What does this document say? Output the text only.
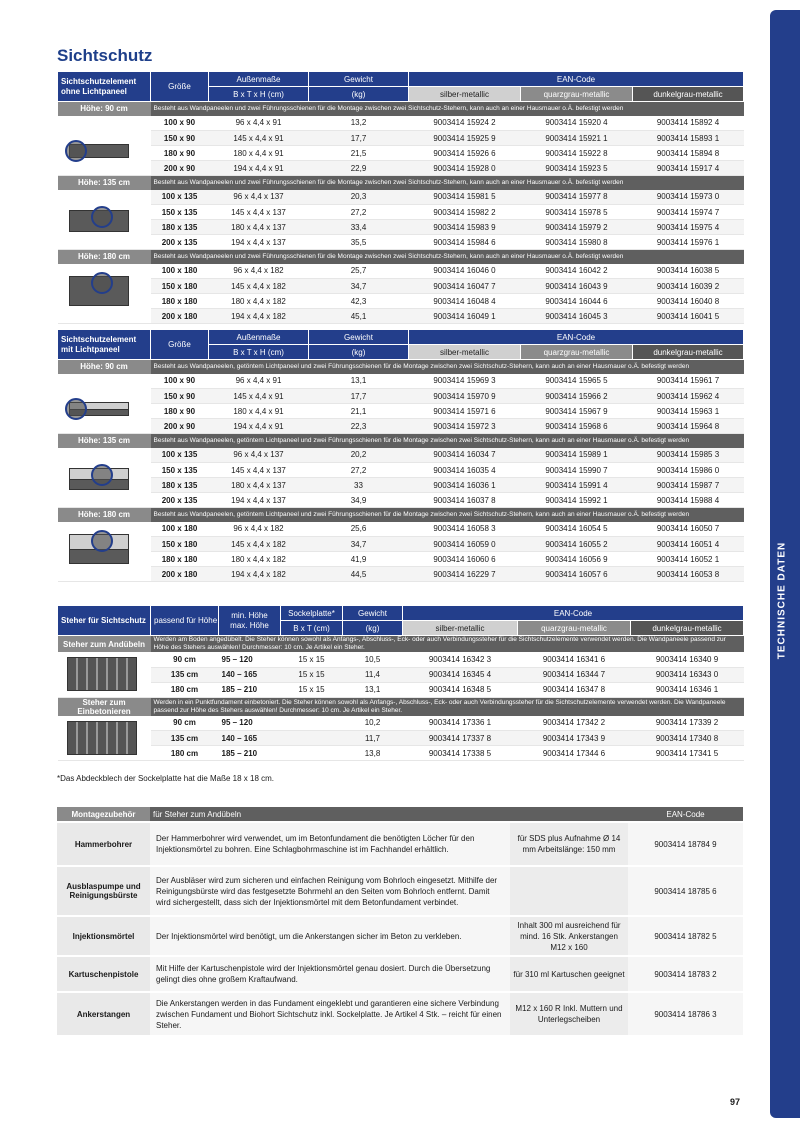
TECHNISCHE DATEN
Sichtschutz
Sichtschutzelement ohne Lichtpaneel	Größe	Außenmaße	Gewicht	EAN-Code		
		B x T x H (cm)	(kg)	silber-metallic	quarzgrau-metallic	dunkelgrau-metallic
Höhe: 90 cm	Besteht aus Wandpaneelen und zwei Führungsschienen für die Montage zwischen zwei Sichtschutz-Stehern, kann auch an einer Hausmauer o.Ä. befestigt werden					

	100 x 90	96 x 4,4 x 91	13,2	9003414 15924 2	9003414 15920 4	9003414 15892 4
	150 x 90	145 x 4,4 x 91	17,7	9003414 15925 9	9003414 15921 1	9003414 15893 1
	180 x 90	180 x 4,4 x 91	21,5	9003414 15926 6	9003414 15922 8	9003414 15894 8
	200 x 90	194 x 4,4 x 91	22,9	9003414 15928 0	9003414 15923 5	9003414 15917 4
Höhe: 135 cm	Besteht aus Wandpaneelen und zwei Führungsschienen für die Montage zwischen zwei Sichtschutz-Stehern, kann auch an einer Hausmauer o.Ä. befestigt werden					

	100 x 135	96 x 4,4 x 137	20,3	9003414 15981 5	9003414 15977 8	9003414 15973 0
	150 x 135	145 x 4,4 x 137	27,2	9003414 15982 2	9003414 15978 5	9003414 15974 7
	180 x 135	180 x 4,4 x 137	33,4	9003414 15983 9	9003414 15979 2	9003414 15975 4
	200 x 135	194 x 4,4 x 137	35,5	9003414 15984 6	9003414 15980 8	9003414 15976 1
Höhe: 180 cm	Besteht aus Wandpaneelen und zwei Führungsschienen für die Montage zwischen zwei Sichtschutz-Stehern, kann auch an einer Hausmauer o.Ä. befestigt werden					

	100 x 180	96 x 4,4 x 182	25,7	9003414 16046 0	9003414 16042 2	9003414 16038 5
	150 x 180	145 x 4,4 x 182	34,7	9003414 16047 7	9003414 16043 9	9003414 16039 2
	180 x 180	180 x 4,4 x 182	42,3	9003414 16048 4	9003414 16044 6	9003414 16040 8
	200 x 180	194 x 4,4 x 182	45,1	9003414 16049 1	9003414 16045 3	9003414 16041 5
Sichtschutzelement mit Lichtpaneel	Größe	Außenmaße	Gewicht	EAN-Code		
		B x T x H (cm)	(kg)	silber-metallic	quarzgrau-metallic	dunkelgrau-metallic
Höhe: 90 cm	Besteht aus Wandpaneelen, getöntem Lichtpaneel und zwei Führungsschienen für die Montage zwischen zwei Sichtschutz-Stehern, kann auch an einer Hausmauer o.Ä. befestigt werden					

	100 x 90	96 x 4,4 x 91	13,1	9003414 15969 3	9003414 15965 5	9003414 15961 7
	150 x 90	145 x 4,4 x 91	17,7	9003414 15970 9	9003414 15966 2	9003414 15962 4
	180 x 90	180 x 4,4 x 91	21,1	9003414 15971 6	9003414 15967 9	9003414 15963 1
	200 x 90	194 x 4,4 x 91	22,3	9003414 15972 3	9003414 15968 6	9003414 15964 8
Höhe: 135 cm	Besteht aus Wandpaneelen, getöntem Lichtpaneel und zwei Führungsschienen für die Montage zwischen zwei Sichtschutz-Stehern, kann auch an einer Hausmauer o.Ä. befestigt werden					

	100 x 135	96 x 4,4 x 137	20,2	9003414 16034 7	9003414 15989 1	9003414 15985 3
	150 x 135	145 x 4,4 x 137	27,2	9003414 16035 4	9003414 15990 7	9003414 15986 0
	180 x 135	180 x 4,4 x 137	33	9003414 16036 1	9003414 15991 4	9003414 15987 7
	200 x 135	194 x 4,4 x 137	34,9	9003414 16037 8	9003414 15992 1	9003414 15988 4
Höhe: 180 cm	Besteht aus Wandpaneelen, getöntem Lichtpaneel und zwei Führungsschienen für die Montage zwischen zwei Sichtschutz-Stehern, kann auch an einer Hausmauer o.Ä. befestigt werden					

	100 x 180	96 x 4,4 x 182	25,6	9003414 16058 3	9003414 16054 5	9003414 16050 7
	150 x 180	145 x 4,4 x 182	34,7	9003414 16059 0	9003414 16055 2	9003414 16051 4
	180 x 180	180 x 4,4 x 182	41,9	9003414 16060 6	9003414 16056 9	9003414 16052 1
	200 x 180	194 x 4,4 x 182	44,5	9003414 16229 7	9003414 16057 6	9003414 16053 8
Steher für Sichtschutz	passend für Höhe	min. Höhe max. Höhe	Sockelplatte*	Gewicht	EAN-Code		
			B x T (cm)	(kg)	silber-metallic	quarzgrau-metallic	dunkelgrau-metallic
Steher zum Andübeln	Werden am Boden angedübelt. Die Steher können sowohl als Anfangs-, Abschluss-, Eck- oder auch Verbindungssteher für die Sichtschutzelemente verwendet werden. Die Wandpaneele passend zur Höhe des Stehers auswählen! Durchmesser: 10 cm. Je Artikel ein Steher.						

	90 cm	95 – 120	15 x 15	10,5	9003414 16342 3	9003414 16341 6	9003414 16340 9
	135 cm	140 – 165	15 x 15	11,4	9003414 16345 4	9003414 16344 7	9003414 16343 0
	180 cm	185 – 210	15 x 15	13,1	9003414 16348 5	9003414 16347 8	9003414 16346 1
Steher zum Einbetonieren	Werden in ein Punktfundament einbetoniert. Die Steher können sowohl als Anfangs-, Abschluss-, Eck- oder auch Verbindungssteher für die Sichtschutzelemente verwendet werden. Die Wandpaneele passend zur Höhe des Stehers auswählen! Durchmesser: 10 cm. Je Artikel ein Steher.						

	90 cm	95 – 120		10,2	9003414 17336 1	9003414 17342 2	9003414 17339 2
	135 cm	140 – 165		11,7	9003414 17337 8	9003414 17343 9	9003414 17340 8
	180 cm	185 – 210		13,8	9003414 17338 5	9003414 17344 6	9003414 17341 5
*Das Abdeckblech der Sockelplatte hat die Maße 18 x 18 cm.
Montagezubehör	für Steher zum Andübeln		EAN-Code
Hammerbohrer	Der Hammerbohrer wird verwendet, um im Betonfundament die benötigten Löcher für den Injektionsmörtel zu bohren. Eine Schlagbohrmaschine ist im Fachhandel erhältlich.	für SDS plus Aufnahme Ø 14 mm Arbeitslänge: 150 mm	9003414 18784 9
Ausblaspumpe und Reinigungsbürste	Der Ausbläser wird zum sicheren und einfachen Reinigung vom Bohrloch eingesetzt. Mithilfe der Reinigungsbürste wird das festgesetzte Bohrmehl an den Seiten vom Bohrloch entfernt. Damit wird sichergestellt, dass sich der Injektionsmörtel mit dem Betonfundament verbindet.		9003414 18785 6
Injektionsmörtel	Der Injektionsmörtel wird benötigt, um die Ankerstangen sicher im Beton zu verkleben.	Inhalt 300 ml ausreichend für mind. 16 Stk. Ankerstangen M12 x 160	9003414 18782 5
Kartuschenpistole	Mit Hilfe der Kartuschenpistole wird der Injektionsmörtel genau dosiert. Durch die Übersetzung gelingt dies ohne großem Kraftaufwand.	für 310 ml Kartuschen geeignet	9003414 18783 2
Ankerstangen	Die Ankerstangen werden in das Fundament eingeklebt und garantieren eine sichere Verbindung zwischen Fundament und Biohort Sichtschutz inkl. Sockelplatte. Je Artikel 4 Stk. – reicht für einen Steher.	M12 x 160 R Inkl. Muttern und Unterlegscheiben	9003414 18786 3
97
